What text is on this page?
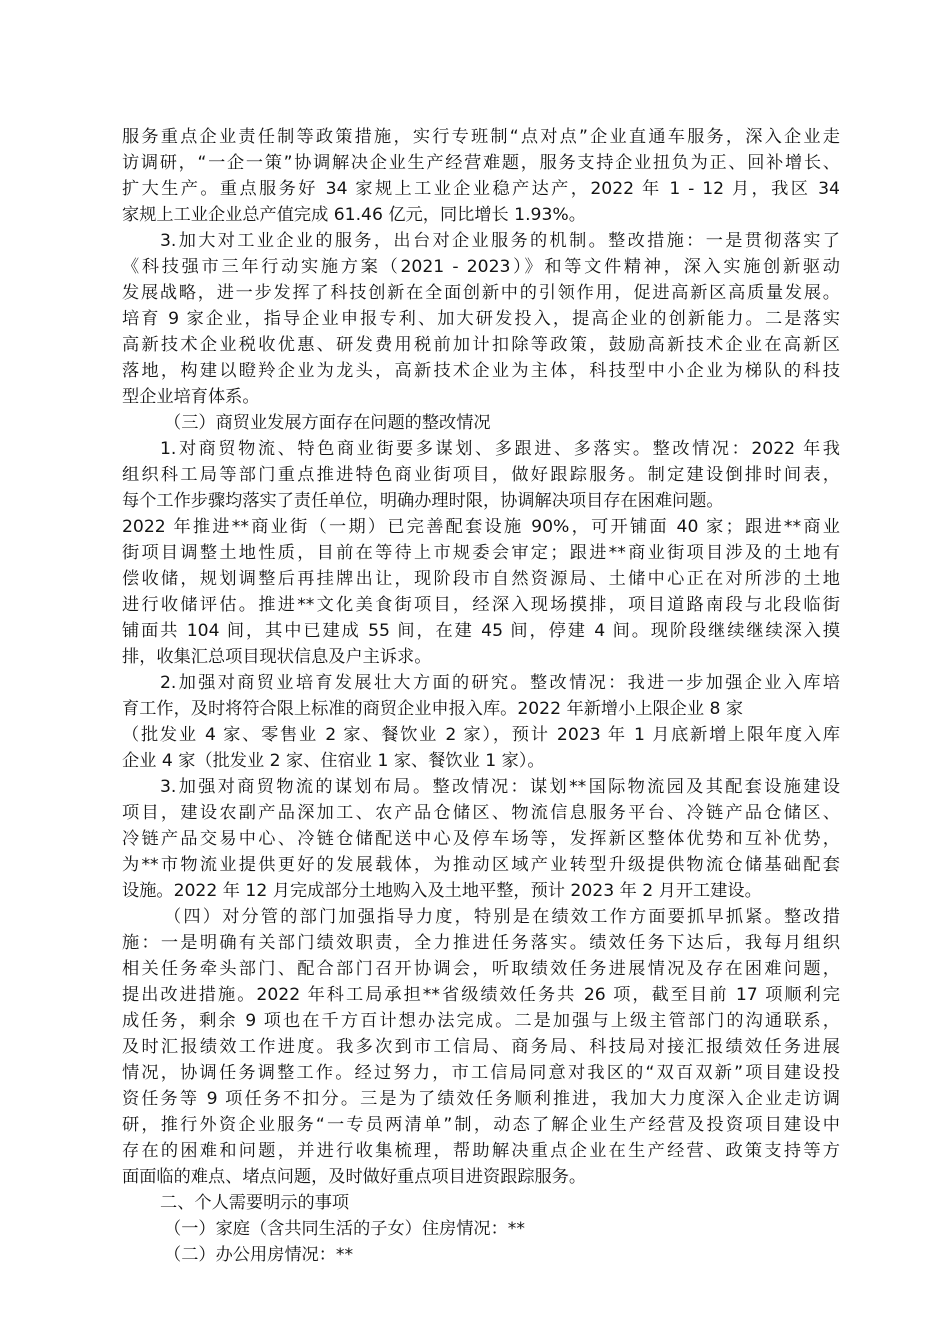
服务重点企业责任制等政策措施，实行专班制“点对点”企业直通车服务，深入企业走
访调研，“一企一策”协调解决企业生产经营难题，服务支持企业扭负为正、回补增长、
扩大生产。重点服务好 34 家规上工业企业稳产达产，2022 年 1 - 12 月，我区 34
家规上工业企业总产值完成 61.46 亿元，同比增长 1.93%。
3.加大对工业企业的服务，出台对企业服务的机制。整改措施：一是贯彻落实了
《科技强市三年行动实施方案（2021 - 2023）》和等文件精神，深入实施创新驱动
发展战略，进一步发挥了科技创新在全面创新中的引领作用，促进高新区高质量发展。
培育 9 家企业，指导企业申报专利、加大研发投入，提高企业的创新能力。二是落实
高新技术企业税收优惠、研发费用税前加计扣除等政策，鼓励高新技术企业在高新区
落地，构建以瞪羚企业为龙头，高新技术企业为主体，科技型中小企业为梯队的科技
型企业培育体系。
（三）商贸业发展方面存在问题的整改情况
1.对商贸物流、特色商业街要多谋划、多跟进、多落实。整改情况：2022 年我
组织科工局等部门重点推进特色商业街项目，做好跟踪服务。制定建设倒排时间表，
每个工作步骤均落实了责任单位，明确办理时限，协调解决项目存在困难问题。
2022 年推进**商业街（一期）已完善配套设施 90%，可开铺面 40 家；跟进**商业
街项目调整土地性质，目前在等待上市规委会审定；跟进**商业街项目涉及的土地有
偿收储，规划调整后再挂牌出让，现阶段市自然资源局、土储中心正在对所涉的土地
进行收储评估。推进**文化美食街项目，经深入现场摸排，项目道路南段与北段临街
铺面共 104 间，其中已建成 55 间，在建 45 间，停建 4 间。现阶段继续继续深入摸
排，收集汇总项目现状信息及户主诉求。
2.加强对商贸业培育发展壮大方面的研究。整改情况：我进一步加强企业入库培
育工作，及时将符合限上标准的商贸企业申报入库。2022 年新增小上限企业 8 家
（批发业 4 家、零售业 2 家、餐饮业 2 家），预计 2023 年 1 月底新增上限年度入库
企业 4 家（批发业 2 家、住宿业 1 家、餐饮业 1 家）。
3.加强对商贸物流的谋划布局。整改情况：谋划**国际物流园及其配套设施建设
项目，建设农副产品深加工、农产品仓储区、物流信息服务平台、冷链产品仓储区、
冷链产品交易中心、冷链仓储配送中心及停车场等，发挥新区整体优势和互补优势，
为**市物流业提供更好的发展载体，为推动区域产业转型升级提供物流仓储基础配套
设施。2022 年 12 月完成部分土地购入及土地平整，预计 2023 年 2 月开工建设。
（四）对分管的部门加强指导力度，特别是在绩效工作方面要抓早抓紧。整改措
施：一是明确有关部门绩效职责，全力推进任务落实。绩效任务下达后，我每月组织
相关任务牵头部门、配合部门召开协调会，听取绩效任务进展情况及存在困难问题，
提出改进措施。2022 年科工局承担**省级绩效任务共 26 项，截至目前 17 项顺利完
成任务，剩余 9 项也在千方百计想办法完成。二是加强与上级主管部门的沟通联系，
及时汇报绩效工作进度。我多次到市工信局、商务局、科技局对接汇报绩效任务进展
情况，协调任务调整工作。经过努力，市工信局同意对我区的“双百双新”项目建设投
资任务等 9 项任务不扣分。三是为了绩效任务顺利推进，我加大力度深入企业走访调
研，推行外资企业服务“一专员两清单”制，动态了解企业生产经营及投资项目建设中
存在的困难和问题，并进行收集梳理，帮助解决重点企业在生产经营、政策支持等方
面面临的难点、堵点问题，及时做好重点项目进资跟踪服务。
二、个人需要明示的事项
（一）家庭（含共同生活的子女）住房情况：**
（二）办公用房情况：**
